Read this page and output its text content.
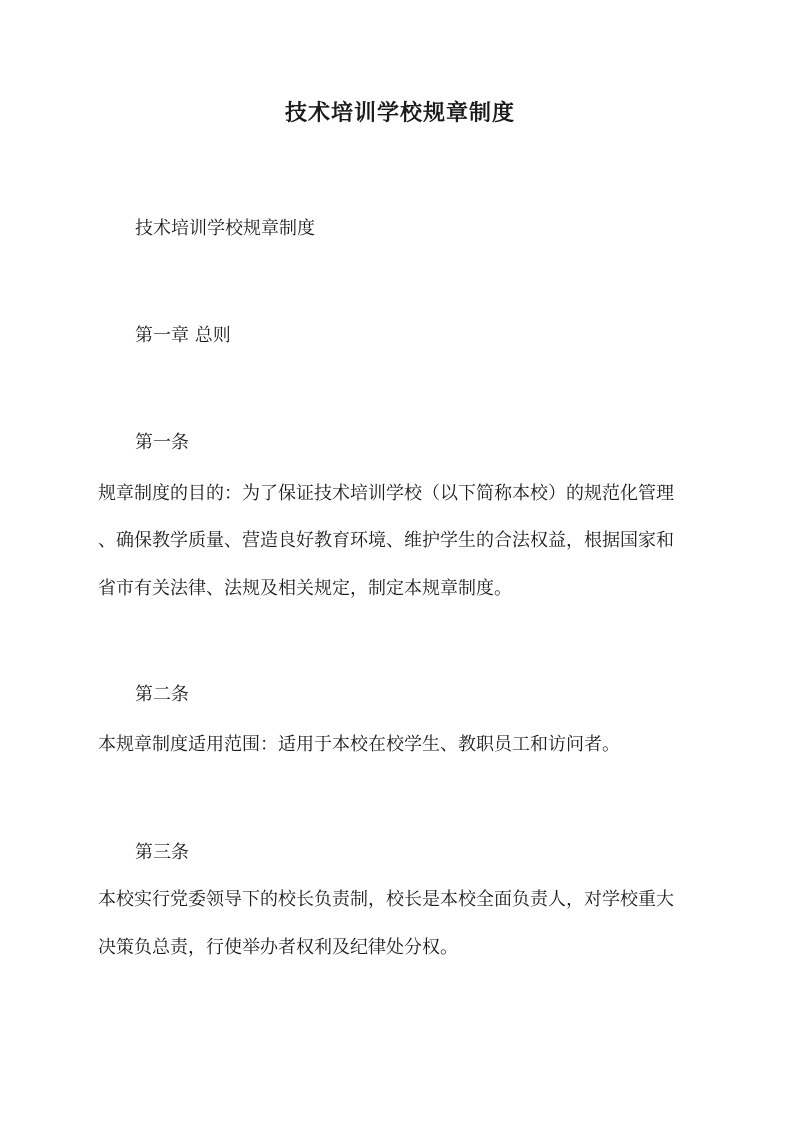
技术培训学校规章制度
技术培训学校规章制度
第一章 总则
第一条
规章制度的目的：为了保证技术培训学校（以下简称本校）的规范化管理
、确保教学质量、营造良好教育环境、维护学生的合法权益，根据国家和
省市有关法律、法规及相关规定，制定本规章制度。
第二条
本规章制度适用范围：适用于本校在校学生、教职员工和访问者。
第三条
本校实行党委领导下的校长负责制，校长是本校全面负责人，对学校重大
决策负总责，行使举办者权利及纪律处分权。
